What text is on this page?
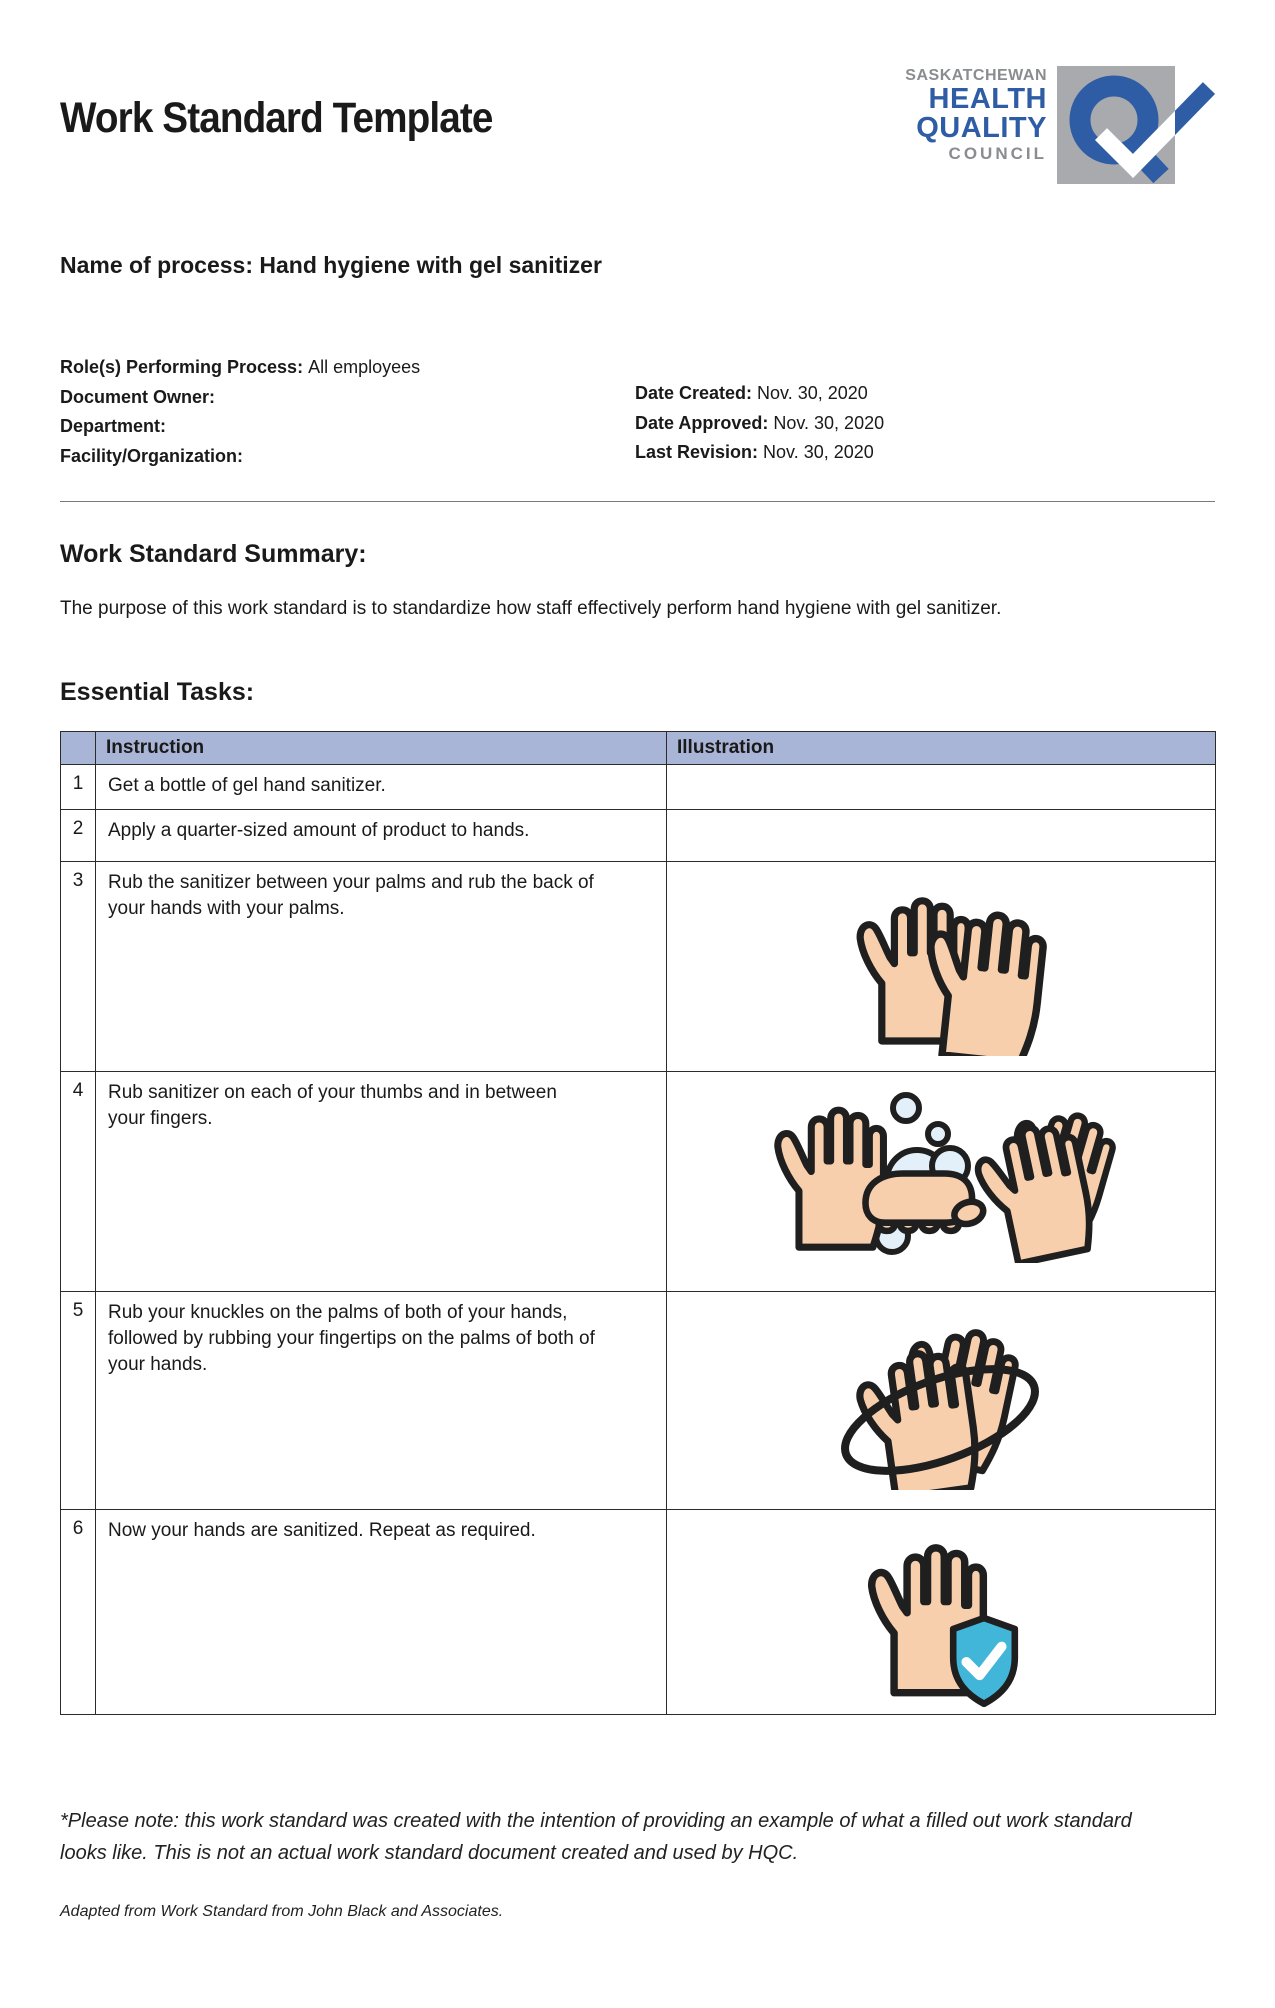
Work Standard Template
SASKATCHEWAN
HEALTH
QUALITY
COUNCIL
Name of process: Hand hygiene with gel sanitizer
Role(s) Performing Process: All employees
Document Owner:
Department:
Facility/Organization:
Date Created: Nov. 30, 2020
Date Approved: Nov. 30, 2020
Last Revision: Nov. 30, 2020
Work Standard Summary:
The purpose of this work standard is to standardize how staff effectively perform hand hygiene with gel sanitizer.
Essential Tasks:
	Instruction	Illustration
1	Get a bottle of gel hand sanitizer.	
2	Apply a quarter-sized amount of product to hands.	
3	Rub the sanitizer between your palms and rub the back of your hands with your palms.	

4	Rub sanitizer on each of your thumbs and in between your fingers.	

5	Rub your knuckles on the palms of both of your hands, followed by rubbing your fingertips on the palms of both of your hands.	

6	Now your hands are sanitized. Repeat as required.	
*Please note: this work standard was created with the intention of providing an example of what a filled out work standard looks like. This is not an actual work standard document created and used by HQC.
Adapted from Work Standard from John Black and Associates.
